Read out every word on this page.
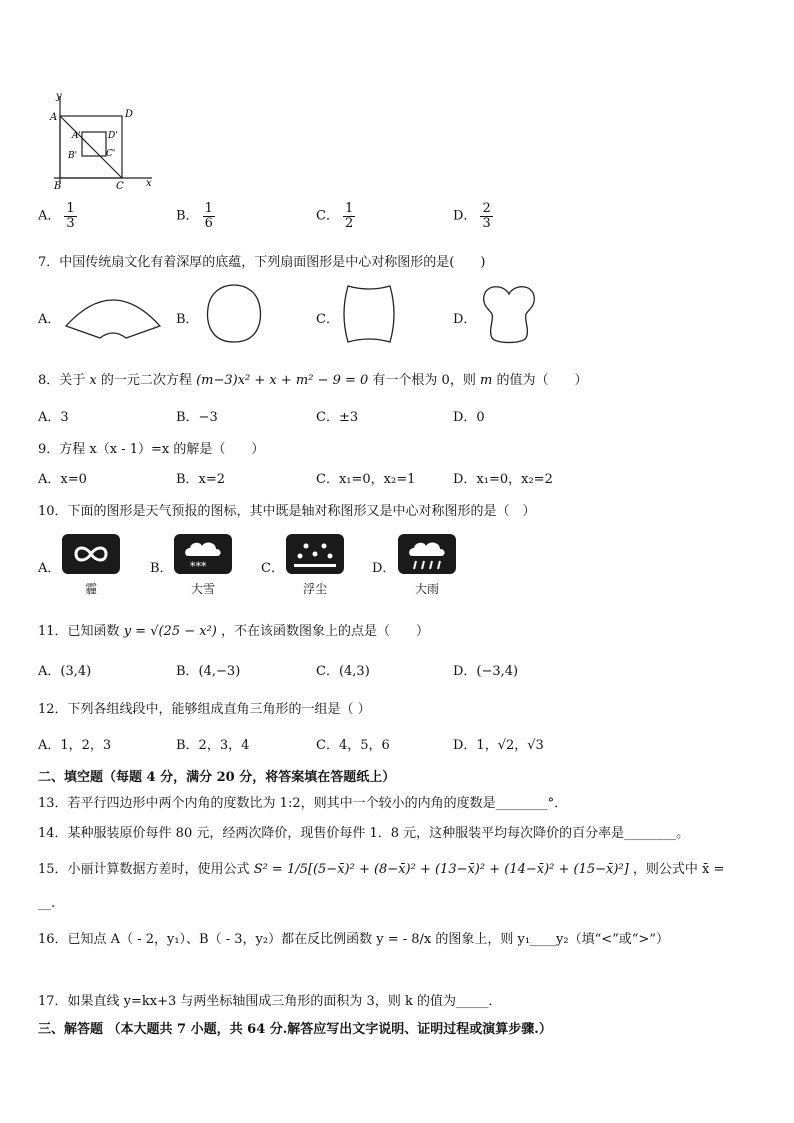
y
x
A	D
A'	D'
B'	C'
B	C
A． $\frac{1}{3}$	B． $\frac{1}{6}$	C． $\frac{1}{2}$	D． $\frac{2}{3}$
7．中国传统扇文化有着深厚的底蕴，下列扇面图形是中心对称图形的是(　　)
A．	B．	C．	D．
8．关于 x 的一元二次方程 (m−3)x² + x + m² − 9 = 0 有一个根为 0，则 m 的值为（　　）
A．3	B．−3	C．±3	D．0
9．方程 x（x - 1）=x 的解是（　　）
A．x=0	B．x=2	C．x₁=0，x₂=1	D．x₁=0，x₂=2
10．下面的图形是天气预报的图标，其中既是轴对称图形又是中心对称图形的是（　）
A．
霾
B． ***
大雪
C．
浮尘
D．
大雨
11．已知函数 y = √(25 − x²) ，不在该函数图象上的点是（　　）
A．(3,4)	B．(4,−3)	C．(4,3)	D．(−3,4)
12．下列各组线段中，能够组成直角三角形的一组是（ ）
A．1，2，3	B．2，3，4	C．4，5，6	D．1，√2，√3
二、填空题（每题 4 分，满分 20 分，将答案填在答题纸上）
13．若平行四边形中两个内角的度数比为 1:2，则其中一个较小的内角的度数是________°．
14．某种服装原价每件 80 元，经两次降价，现售价每件 1．8 元，这种服装平均每次降价的百分率是________。
15．小丽计算数据方差时，使用公式 S² = 1/5[(5−x̄)² + (8−x̄)² + (13−x̄)² + (14−x̄)² + (15−x̄)²] ，则公式中 x̄ =
__.
16．已知点 A（ - 2，y₁）、B（ - 3，y₂）都在反比例函数 y = - 8/x 的图象上，则 y₁____y₂（填“<”或“>”）
17．如果直线 y=kx+3 与两坐标轴围成三角形的面积为 3，则 k 的值为_____．
三、解答题 （本大题共 7 小题，共 64 分.解答应写出文字说明、证明过程或演算步骤.）
